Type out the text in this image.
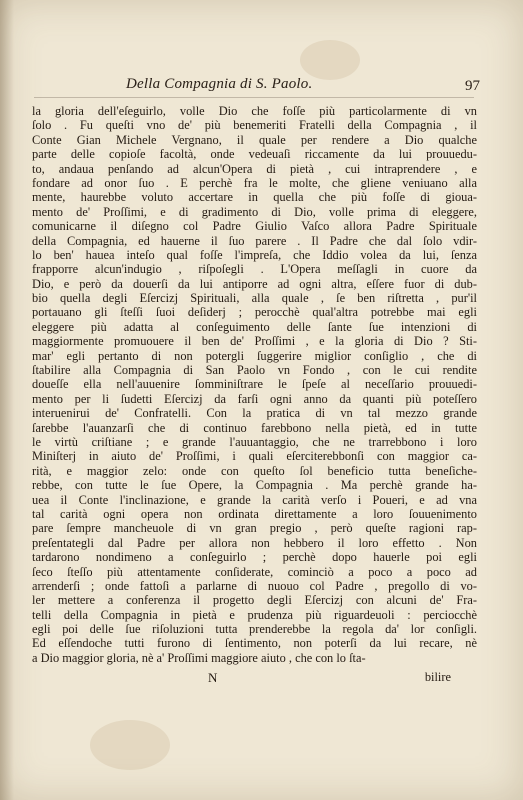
Della Compagnia di S. Paolo.	97
la gloria dell'eſeguirlo, volle Dio che foſſe più particolarmente di vn
ſolo . Fu queſti vno de' più benemeriti Fratelli della Compagnia , il
Conte Gian Michele Vergnano, il quale per rendere a Dio qualche
parte delle copioſe facoltà, onde vedeuaſi riccamente da lui prouuedu-
to, andaua penſando ad alcun'Opera di pietà , cui intraprendere , e
fondare ad onor ſuo . E perchè fra le molte, che gliene veniuano alla
mente, haurebbe voluto accertare in quella che più foſſe di gioua-
mento de' Proſſimi, e di gradimento di Dio, volle prima di eleggere,
comunicarne il diſegno col Padre Giulio Vaſco allora Padre Spirituale
della Compagnia, ed hauerne il ſuo parere . Il Padre che dal ſolo vdir-
lo ben' haueа inteſo qual foſſe l'impreſa, che Iddio volea da lui, ſenza
frapporre alcun'indugio , riſpoſegli . L'Opera meſſagli in cuore da
Dio, e però da douerſi da lui antiporre ad ogni altra, eſſere fuor di dub-
bio quella degli Eſercizj Spirituali, alla quale , ſe ben riſtretta , pur'il
portauano gli ſteſſi ſuoi deſiderj ; perocchè qual'altra potrebbe mai egli
eleggere più adatta al conſeguimento delle ſante ſue intenzioni di
maggiormente promuouere il ben de' Proſſimi , e la gloria di Dio ? Sti-
mar' egli pertanto di non poterglі ſuggerire miglior conſiglio , che di
ſtabilire alla Compagnia di San Paolo vn Fondo , con le cui rendite
doueſſe ella nell'auuenire ſomminiſtrare le ſpeſe al neceſſario prouuedi-
mento per li ſudetti Eſercizj da farſi ogni anno da quanti più poteſſero
interuenirui de' Confratelli. Con la pratica di vn tal mezzo grande
ſarebbe l'auanzarſi che di continuo farebbono nella pietà, ed in tutte
le virtù criſtiane ; e grande l'auuantaggio, che ne trarrebbono i loro
Miniſterj in aiuto de' Proſſimi, i quali eſerciterebbonſi con maggior ca-
rità, e maggior zelo: onde con queſto ſol beneficio tutta beneſiche-
rebbe, con tutte le ſue Opere, la Compagnia . Ma perchè grande ha-
uea il Conte l'inclinazione, e grande la carità verſo i Poueri, e ad vna
tal carità ogni opera non ordinata direttamente a loro ſouuenimento
pare ſempre mancheuole di vn gran pregio , però queſte ragioni rap-
preſentategli dal Padre per allora non hebbero il loro effetto . Non
tardarono nondimeno a conſeguirlo ; perchè dopo hauerle poi egli
ſeco ſteſſo più attentamente conſiderate, cominciò a poco a poco ad
arrenderſi ; onde fattoſi a parlarne di nuouo col Padre , pregollo di vo-
ler mettere a conferenza il progetto degli Eſercizj con alcuni de' Fra-
telli della Compagnia in pietà e prudenza più riguardeuoli : percіocchè
egli poi delle ſue riſoluzioni tutta prenderebbe la regola da' lor conſigli.
Ed eſſendoche tutti furono di ſentimento, non poterſi da lui recare, nè
a Dio maggior gloria, nè a' Proſſimi maggiore aiuto , che con lo ſta-
N	bilire
